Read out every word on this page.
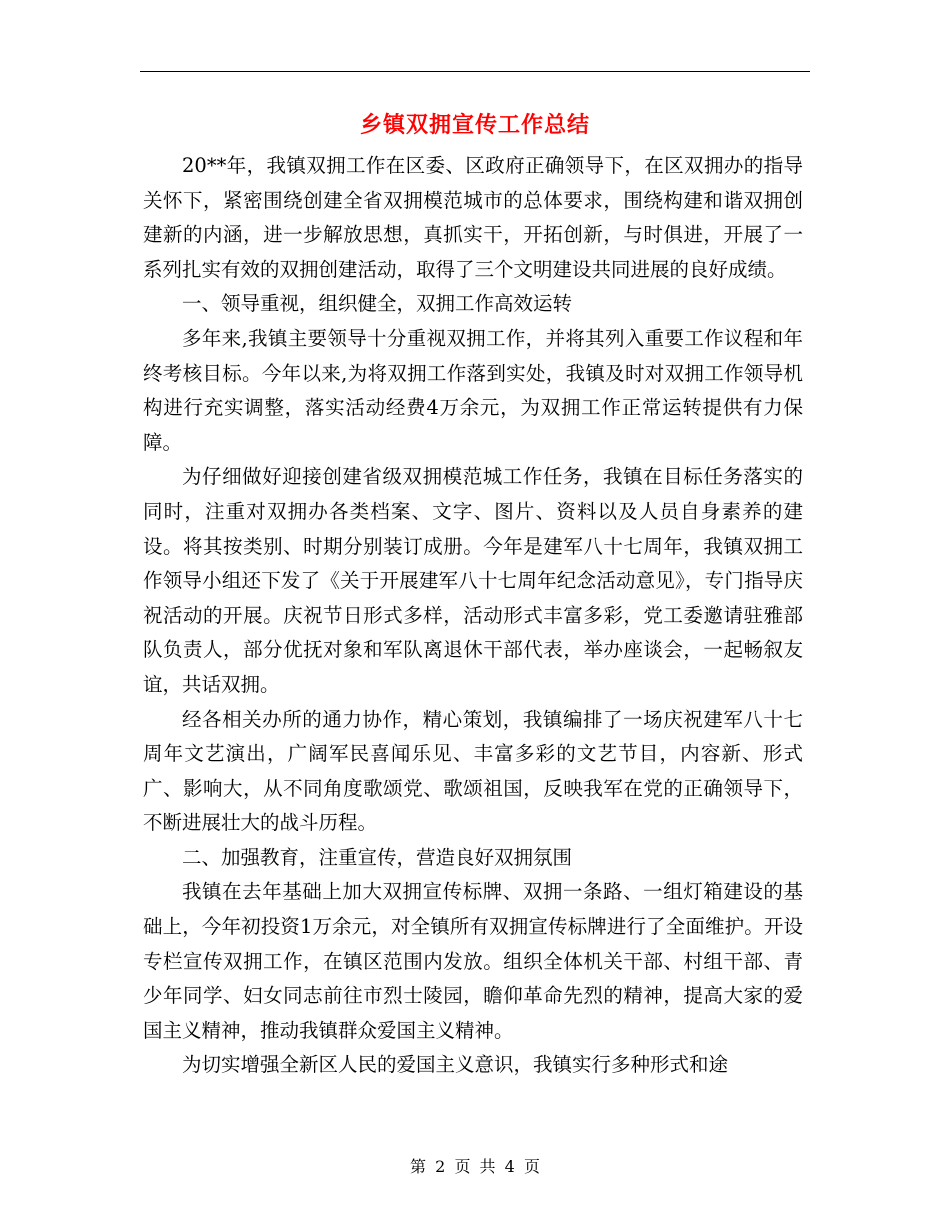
乡镇双拥宣传工作总结

20**年，我镇双拥工作在区委、区政府正确领导下，在区双拥办的指导关怀下，紧密围绕创建全省双拥模范城市的总体要求，围绕构建和谐双拥创建新的内涵，进一步解放思想，真抓实干，开拓创新，与时俱进，开展了一系列扎实有效的双拥创建活动，取得了三个文明建设共同进展的良好成绩。

一、领导重视，组织健全，双拥工作高效运转

多年来,我镇主要领导十分重视双拥工作，并将其列入重要工作议程和年终考核目标。今年以来,为将双拥工作落到实处，我镇及时对双拥工作领导机构进行充实调整，落实活动经费4万余元，为双拥工作正常运转提供有力保障。

为仔细做好迎接创建省级双拥模范城工作任务，我镇在目标任务落实的同时，注重对双拥办各类档案、文字、图片、资料以及人员自身素养的建设。将其按类别、时期分别装订成册。今年是建军八十七周年，我镇双拥工作领导小组还下发了《关于开展建军八十七周年纪念活动意见》，专门指导庆祝活动的开展。庆祝节日形式多样，活动形式丰富多彩，党工委邀请驻雅部队负责人，部分优抚对象和军队离退休干部代表，举办座谈会，一起畅叙友谊，共话双拥。

经各相关办所的通力协作，精心策划，我镇编排了一场庆祝建军八十七周年文艺演出，广阔军民喜闻乐见、丰富多彩的文艺节目，内容新、形式广、影响大，从不同角度歌颂党、歌颂祖国，反映我军在党的正确领导下，不断进展壮大的战斗历程。

二、加强教育，注重宣传，营造良好双拥氛围

我镇在去年基础上加大双拥宣传标牌、双拥一条路、一组灯箱建设的基础上，今年初投资1万余元，对全镇所有双拥宣传标牌进行了全面维护。开设专栏宣传双拥工作，在镇区范围内发放。组织全体机关干部、村组干部、青少年同学、妇女同志前往市烈士陵园，瞻仰革命先烈的精神，提高大家的爱国主义精神，推动我镇群众爱国主义精神。

为切实增强全新区人民的爱国主义意识，我镇实行多种形式和途

第 2 页 共 4 页
